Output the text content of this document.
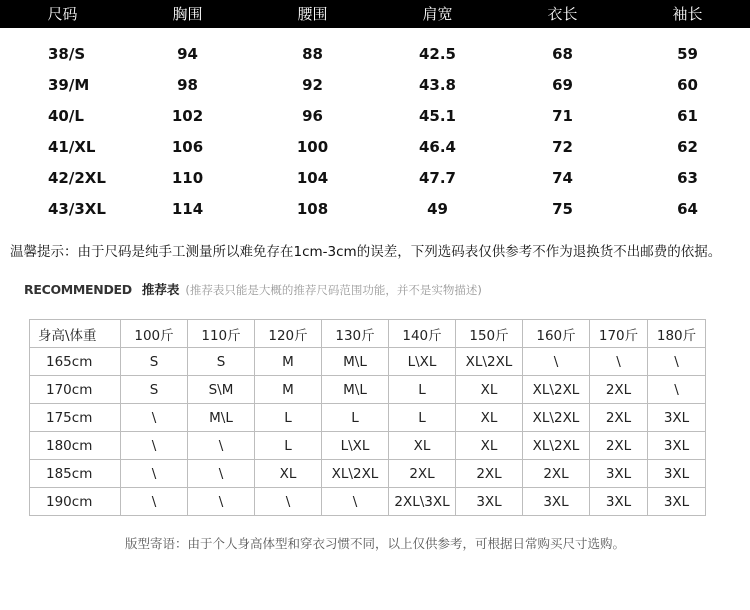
尺码	胸围	腰围	肩宽	衣长	袖长
38/S	94	88	42.5	68	59
39/M	98	92	43.8	69	60
40/L	102	96	45.1	71	61
41/XL	106	100	46.4	72	62
42/2XL	110	104	47.7	74	63
43/3XL	114	108	49	75	64
温馨提示：由于尺码是纯手工测量所以难免存在1cm-3cm的误差，下列选码表仅供参考不作为退换货不出邮费的依据。
RECOMMENDED 推荐表 (推荐表只能是大概的推荐尺码范围功能，并不是实物描述)
身高\体重	100斤	110斤	120斤	130斤	140斤	150斤	160斤	170斤	180斤
165cm	S	S	M	M\L	L\XL	XL\2XL	\	\	\
170cm	S	S\M	M	M\L	L	XL	XL\2XL	2XL	\
175cm	\	M\L	L	L	L	XL	XL\2XL	2XL	3XL
180cm	\	\	L	L\XL	XL	XL	XL\2XL	2XL	3XL
185cm	\	\	XL	XL\2XL	2XL	2XL	2XL	3XL	3XL
190cm	\	\	\	\	2XL\3XL	3XL	3XL	3XL	3XL
版型寄语：由于个人身高体型和穿衣习惯不同，以上仅供参考，可根据日常购买尺寸选购。
